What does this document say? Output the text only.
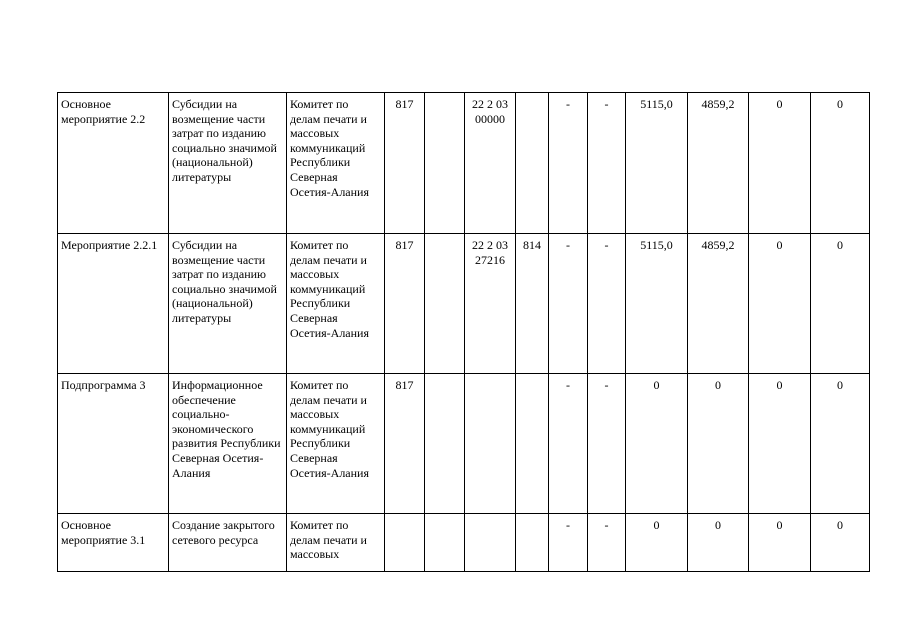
Основное мероприятие 2.2	Субсидии на возмещение части затрат по изданию социально значимой (национальной) литературы	Комитет по делам печати и массовых коммуникаций Республики Северная Осетия-Алания	817		22 2 03 00000		-	-	5115,0	4859,2	0	0
Мероприятие 2.2.1	Субсидии на возмещение части затрат по изданию социально значимой (национальной) литературы	Комитет по делам печати и массовых коммуникаций Республики Северная Осетия-Алания	817		22 2 03 27216	814	-	-	5115,0	4859,2	0	0
Подпрограмма 3	Информационное обеспечение социально-экономического развития Республики Северная Осетия-Алания	Комитет по делам печати и массовых коммуникаций Республики Северная Осетия-Алания	817				-	-	0	0	0	0
Основное мероприятие 3.1	Создание закрытого сетевого ресурса	Комитет по делам печати и массовых					-	-	0	0	0	0
